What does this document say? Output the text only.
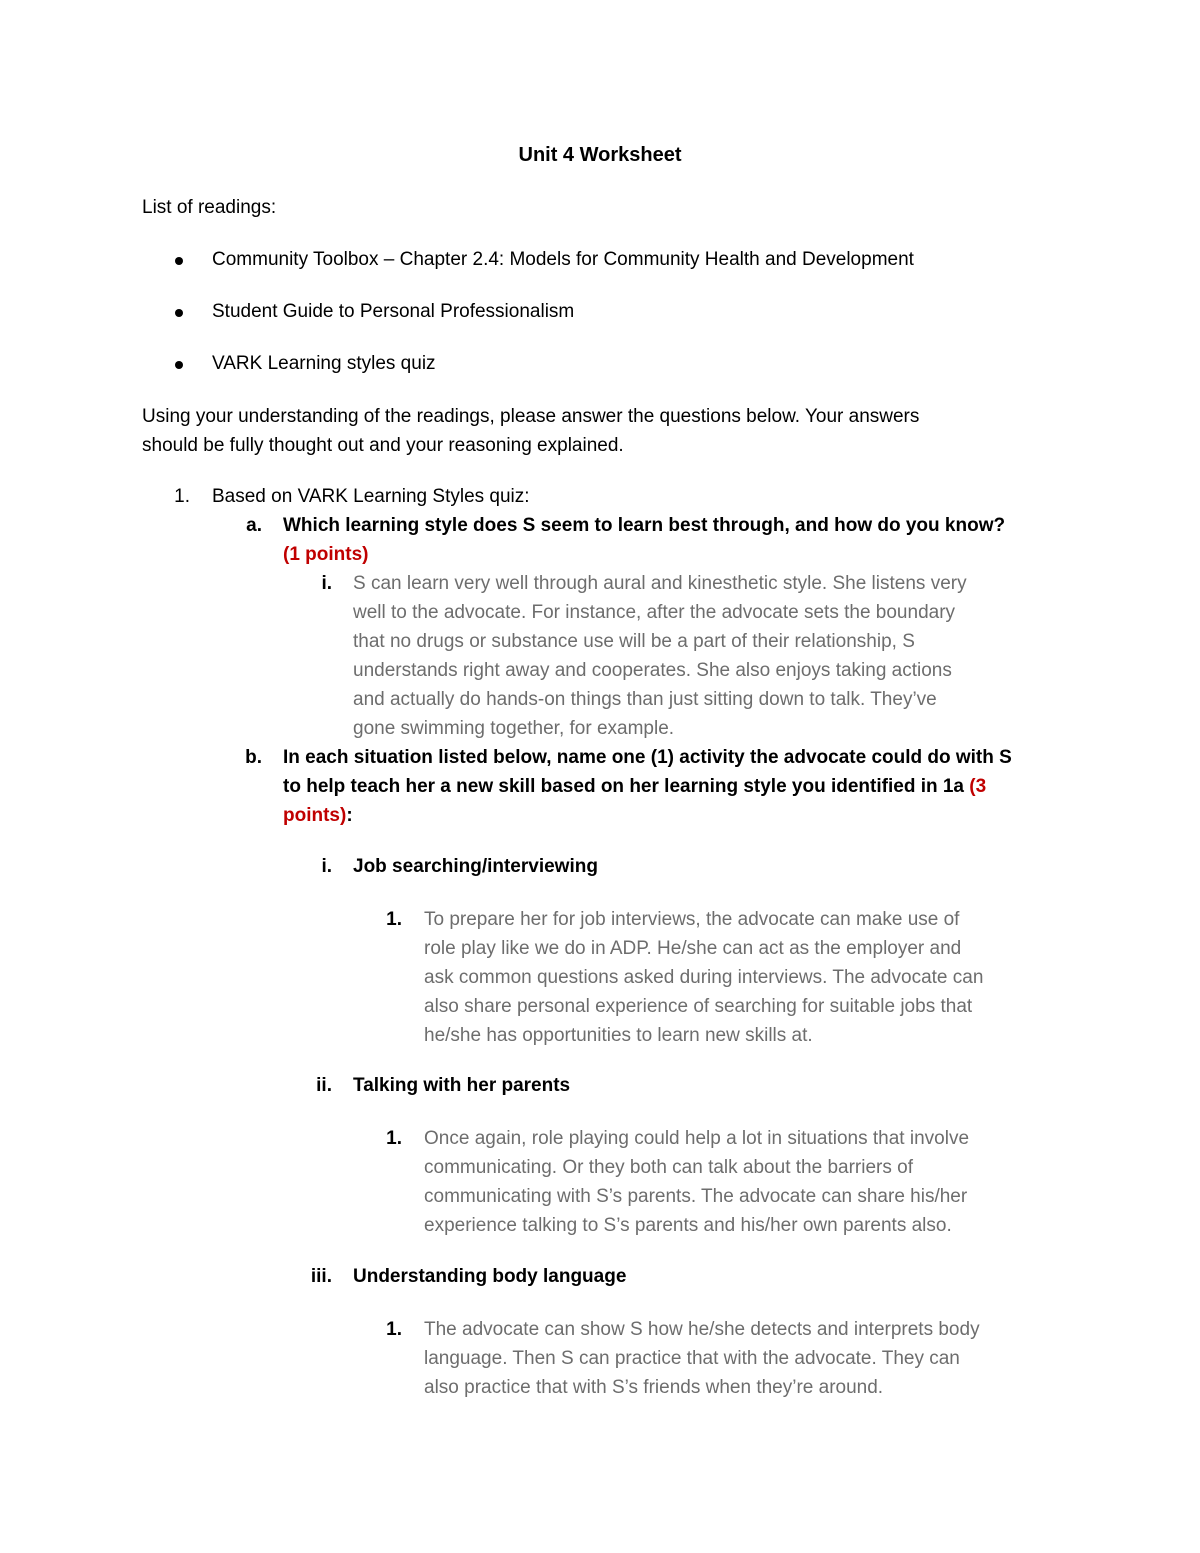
Unit 4 Worksheet
List of readings:
Community Toolbox – Chapter 2.4: Models for Community Health and Development
Student Guide to Personal Professionalism
VARK Learning styles quiz
Using your understanding of the readings, please answer the questions below. Your answers
should be fully thought out and your reasoning explained.
1. Based on VARK Learning Styles quiz:
a. Which learning style does S seem to learn best through, and how do you know?
(1 points)
i. S can learn very well through aural and kinesthetic style. She listens very
well to the advocate. For instance, after the advocate sets the boundary
that no drugs or substance use will be a part of their relationship, S
understands right away and cooperates. She also enjoys taking actions
and actually do hands-on things than just sitting down to talk. They’ve
gone swimming together, for example.
b. In each situation listed below, name one (1) activity the advocate could do with S
to help teach her a new skill based on her learning style you identified in 1a (3
points):
i. Job searching/interviewing
1. To prepare her for job interviews, the advocate can make use of
role play like we do in ADP. He/she can act as the employer and
ask common questions asked during interviews. The advocate can
also share personal experience of searching for suitable jobs that
he/she has opportunities to learn new skills at.
ii. Talking with her parents
1. Once again, role playing could help a lot in situations that involve
communicating. Or they both can talk about the barriers of
communicating with S’s parents. The advocate can share his/her
experience talking to S’s parents and his/her own parents also.
iii. Understanding body language
1. The advocate can show S how he/she detects and interprets body
language. Then S can practice that with the advocate. They can
also practice that with S’s friends when they’re around.
